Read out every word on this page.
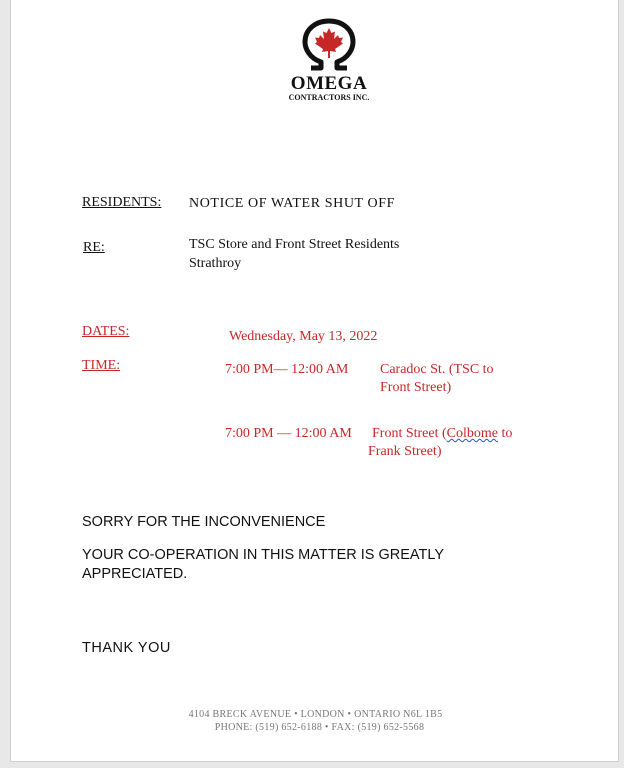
OMEGA
CONTRACTORS INC.
RESIDENTS: NOTICE OF WATER SHUT OFF
RE:	TSC Store and Front Street Residents
Strathroy
DATES:	Wednesday, May 13, 2022
TIME:	7:00 PM— 12:00 AM Caradoc St. (TSC to
Front Street)
7:00 PM — 12:00 AM Front Street (Colbome to
Frank Street)
SORRY FOR THE INCONVENIENCE
YOUR CO-OPERATION IN THIS MATTER IS GREATLY
APPRECIATED.
THANK YOU
4104 BRECK AVENUE • LONDON • ONTARIO N6L 1B5
PHONE: (519) 652-6188 • FAX: (519) 652-5568
